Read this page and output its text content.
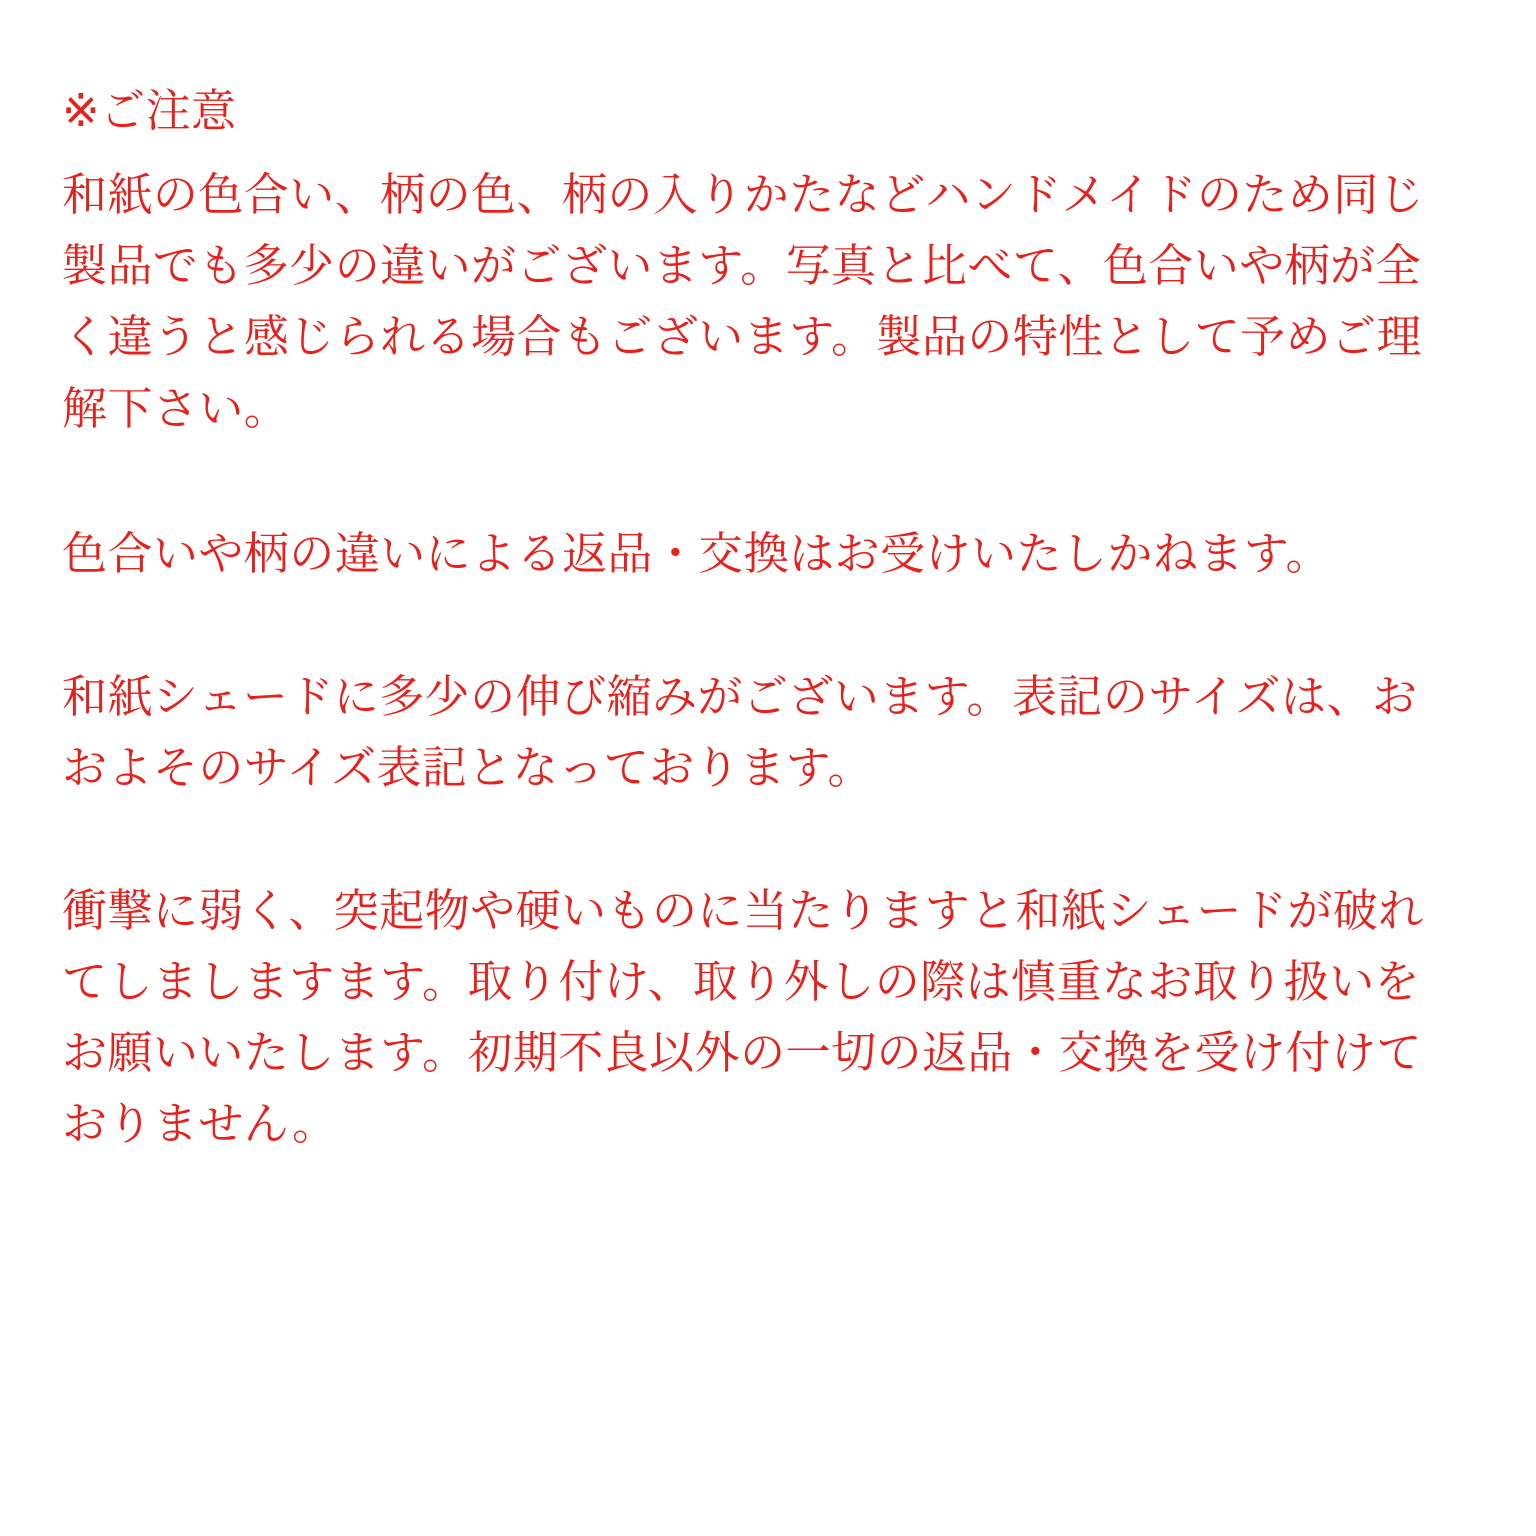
※ご注意

和紙の色合い、柄の色、柄の入りかたなどハンドメイドのため同じ製品でも多少の違いがございます。写真と比べて、色合いや柄が全く違うと感じられる場合もございます。製品の特性として予めご理解下さい。

色合いや柄の違いによる返品・交換はお受けいたしかねます。

和紙シェードに多少の伸び縮みがございます。表記のサイズは、おおよそのサイズ表記となっております。

衝撃に弱く、突起物や硬いものに当たりますと和紙シェードが破れてしましますます。取り付け、取り外しの際は慎重なお取り扱いをお願いいたします。初期不良以外の一切の返品・交換を受け付けておりません。
